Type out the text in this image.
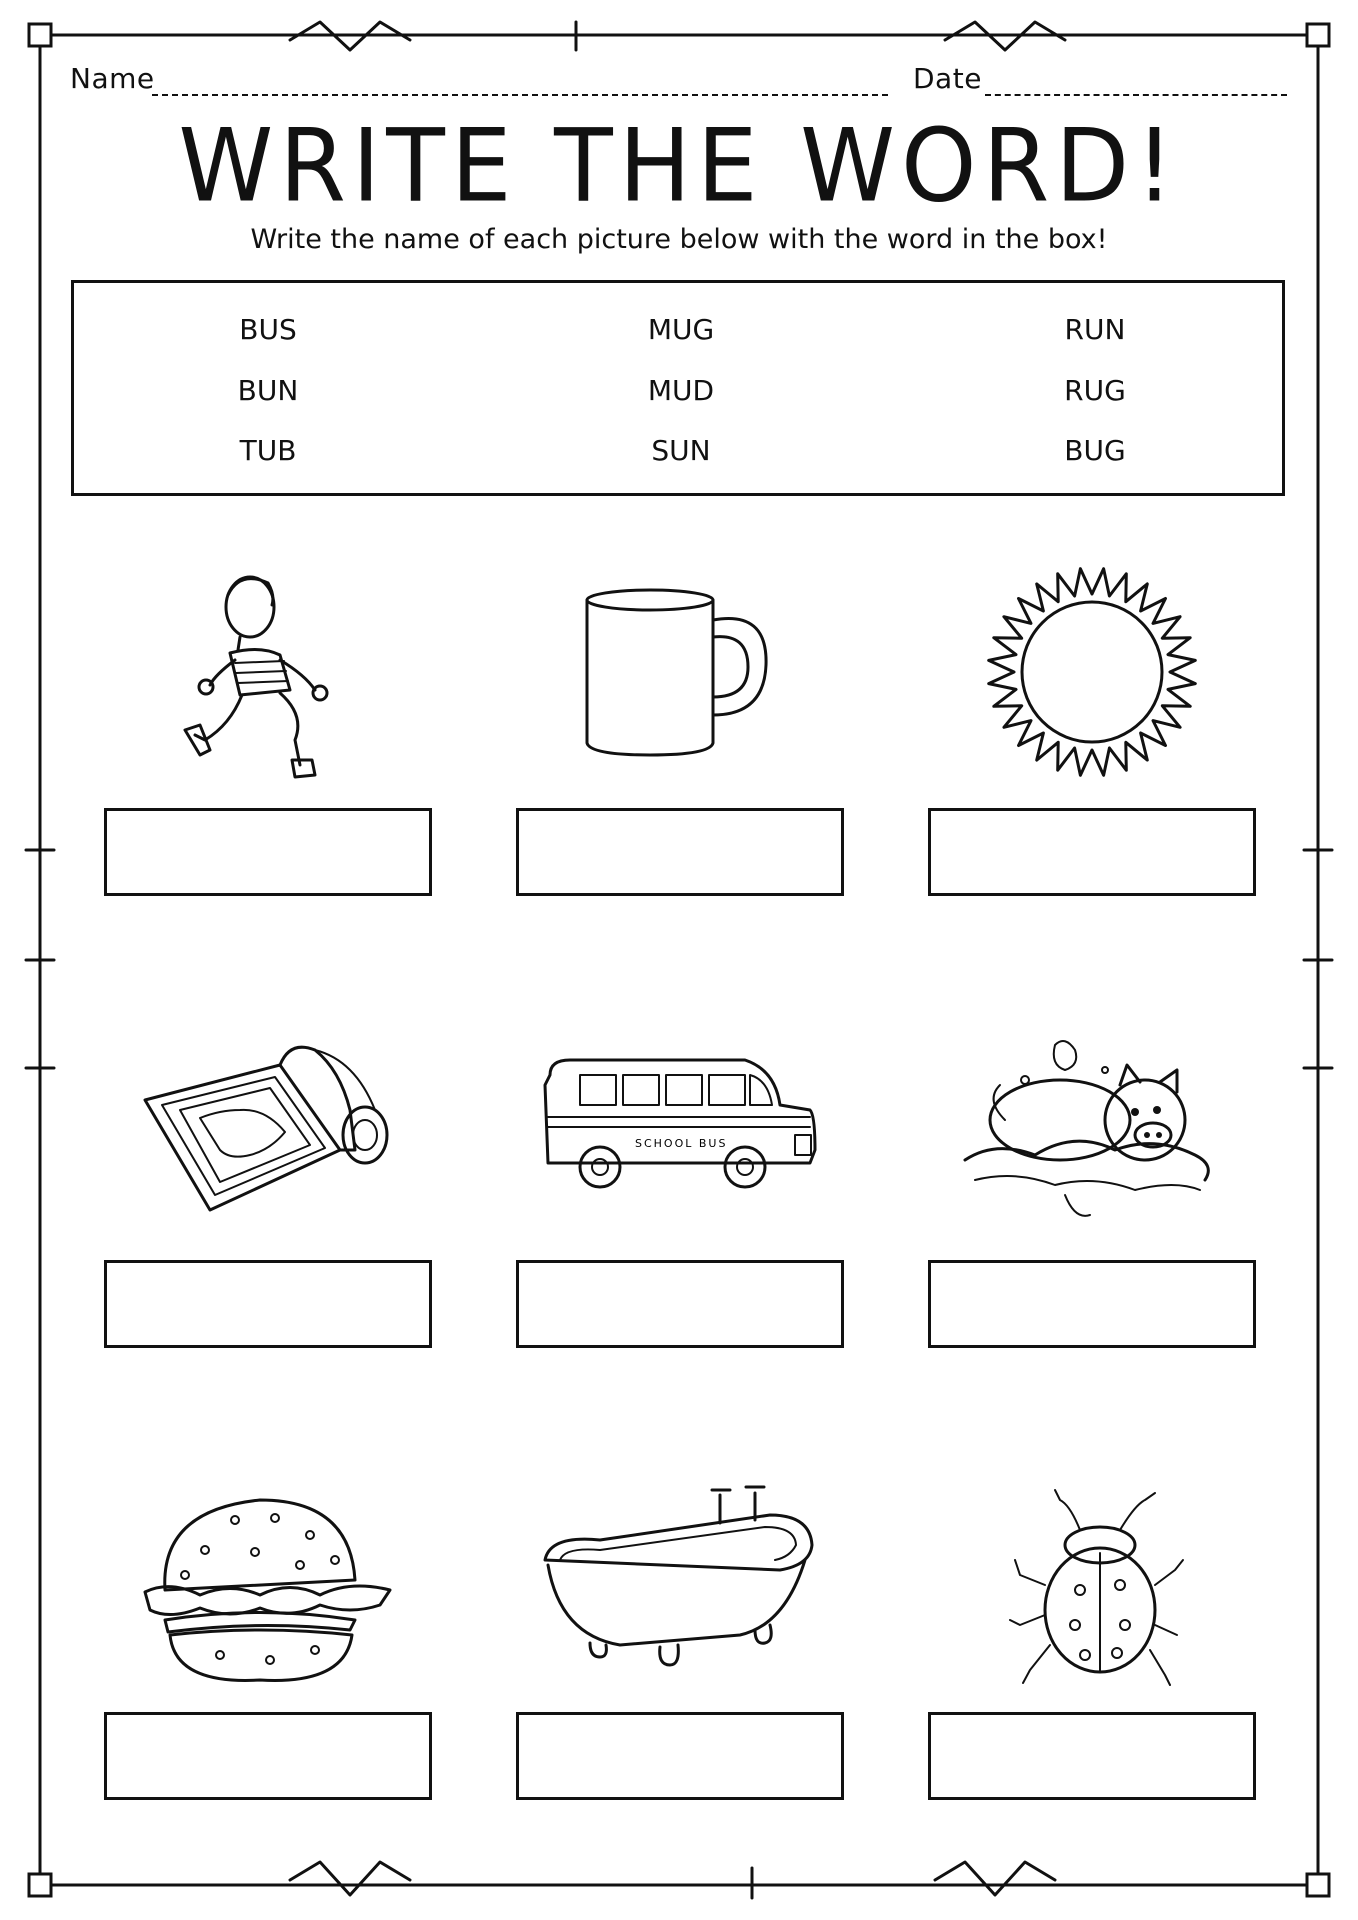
Name	Date
WRITE THE WORD!
Write the name of each picture below with the word in the box!
BUS	MUG	RUN
BUN	MUD	RUG
TUB	SUN	BUG
SCHOOL BUS
